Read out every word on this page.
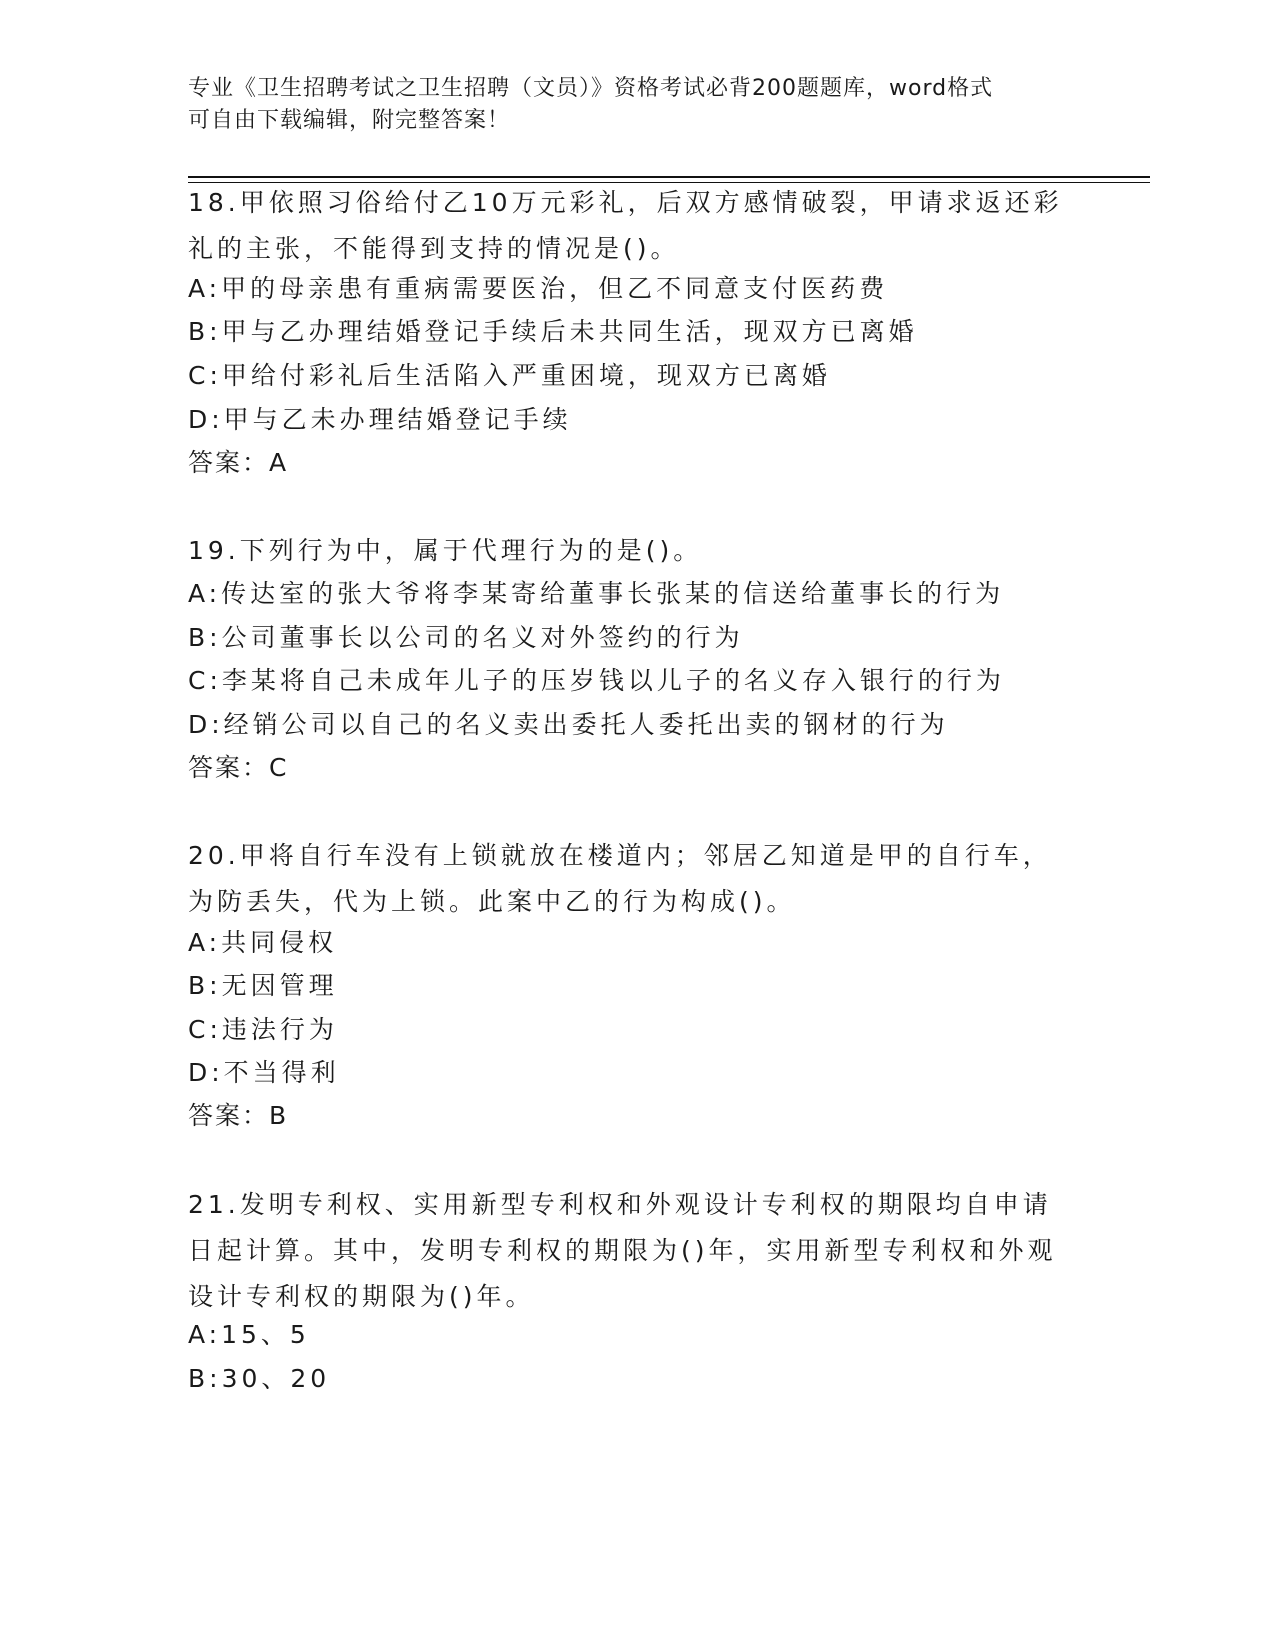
专业《卫生招聘考试之卫生招聘（文员）》资格考试必背200题题库，word格式
可自由下载编辑，附完整答案！
18.甲依照习俗给付乙10万元彩礼，后双方感情破裂，甲请求返还彩礼的主张，不能得到支持的情况是()。
A:甲的母亲患有重病需要医治，但乙不同意支付医药费
B:甲与乙办理结婚登记手续后未共同生活，现双方已离婚
C:甲给付彩礼后生活陷入严重困境，现双方已离婚
D:甲与乙未办理结婚登记手续
答案：A
19.下列行为中，属于代理行为的是()。
A:传达室的张大爷将李某寄给董事长张某的信送给董事长的行为
B:公司董事长以公司的名义对外签约的行为
C:李某将自己未成年儿子的压岁钱以儿子的名义存入银行的行为
D:经销公司以自己的名义卖出委托人委托出卖的钢材的行为
答案：C
20.甲将自行车没有上锁就放在楼道内；邻居乙知道是甲的自行车，为防丢失，代为上锁。此案中乙的行为构成()。
A:共同侵权
B:无因管理
C:违法行为
D:不当得利
答案：B
21.发明专利权、实用新型专利权和外观设计专利权的期限均自申请日起计算。其中，发明专利权的期限为()年，实用新型专利权和外观设计专利权的期限为()年。
A:15、5
B:30、20
